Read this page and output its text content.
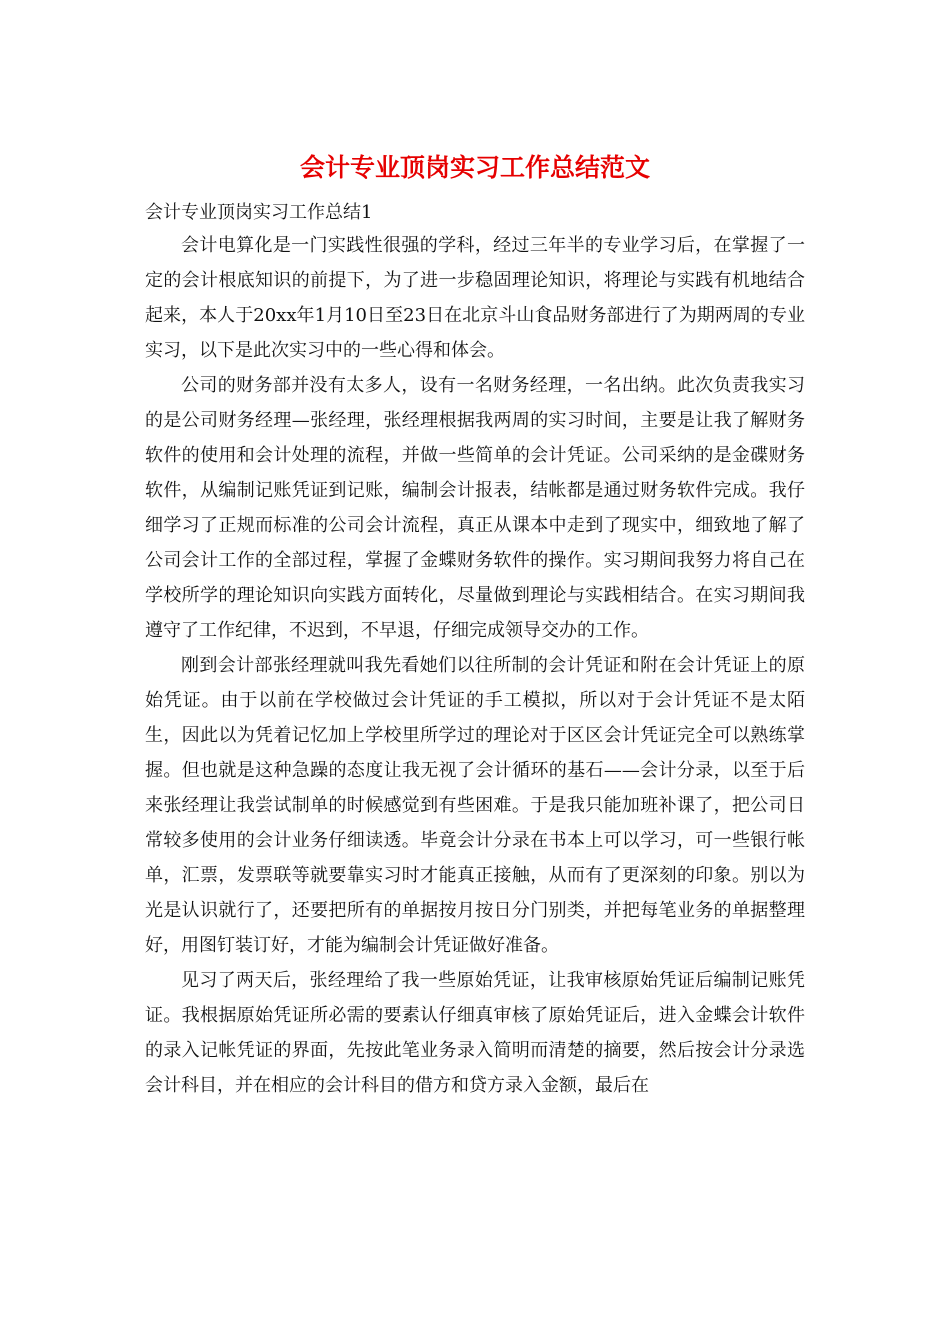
会计专业顶岗实习工作总结范文

会计专业顶岗实习工作总结1

会计电算化是一门实践性很强的学科，经过三年半的专业学习后，在掌握了一定的会计根底知识的前提下，为了进一步稳固理论知识，将理论与实践有机地结合起来，本人于20xx年1月10日至23日在北京斗山食品财务部进行了为期两周的专业实习，以下是此次实习中的一些心得和体会。

公司的财务部并没有太多人，设有一名财务经理，一名出纳。此次负责我实习的是公司财务经理—张经理，张经理根据我两周的实习时间，主要是让我了解财务软件的使用和会计处理的流程，并做一些简单的会计凭证。公司采纳的是金碟财务软件，从编制记账凭证到记账，编制会计报表，结帐都是通过财务软件完成。我仔细学习了正规而标准的公司会计流程，真正从课本中走到了现实中，细致地了解了公司会计工作的全部过程，掌握了金蝶财务软件的操作。实习期间我努力将自己在学校所学的理论知识向实践方面转化，尽量做到理论与实践相结合。在实习期间我遵守了工作纪律，不迟到，不早退，仔细完成领导交办的工作。

刚到会计部张经理就叫我先看她们以往所制的会计凭证和附在会计凭证上的原始凭证。由于以前在学校做过会计凭证的手工模拟，所以对于会计凭证不是太陌生，因此以为凭着记忆加上学校里所学过的理论对于区区会计凭证完全可以熟练掌握。但也就是这种急躁的态度让我无视了会计循环的基石——会计分录，以至于后来张经理让我尝试制单的时候感觉到有些困难。于是我只能加班补课了，把公司日常较多使用的会计业务仔细读透。毕竟会计分录在书本上可以学习，可一些银行帐单，汇票，发票联等就要靠实习时才能真正接触，从而有了更深刻的印象。别以为光是认识就行了，还要把所有的单据按月按日分门别类，并把每笔业务的单据整理好，用图钉装订好，才能为编制会计凭证做好准备。

见习了两天后，张经理给了我一些原始凭证，让我审核原始凭证后编制记账凭证。我根据原始凭证所必需的要素认仔细真审核了原始凭证后，进入金蝶会计软件的录入记帐凭证的界面，先按此笔业务录入简明而清楚的摘要，然后按会计分录选会计科目，并在相应的会计科目的借方和贷方录入金额，最后在
